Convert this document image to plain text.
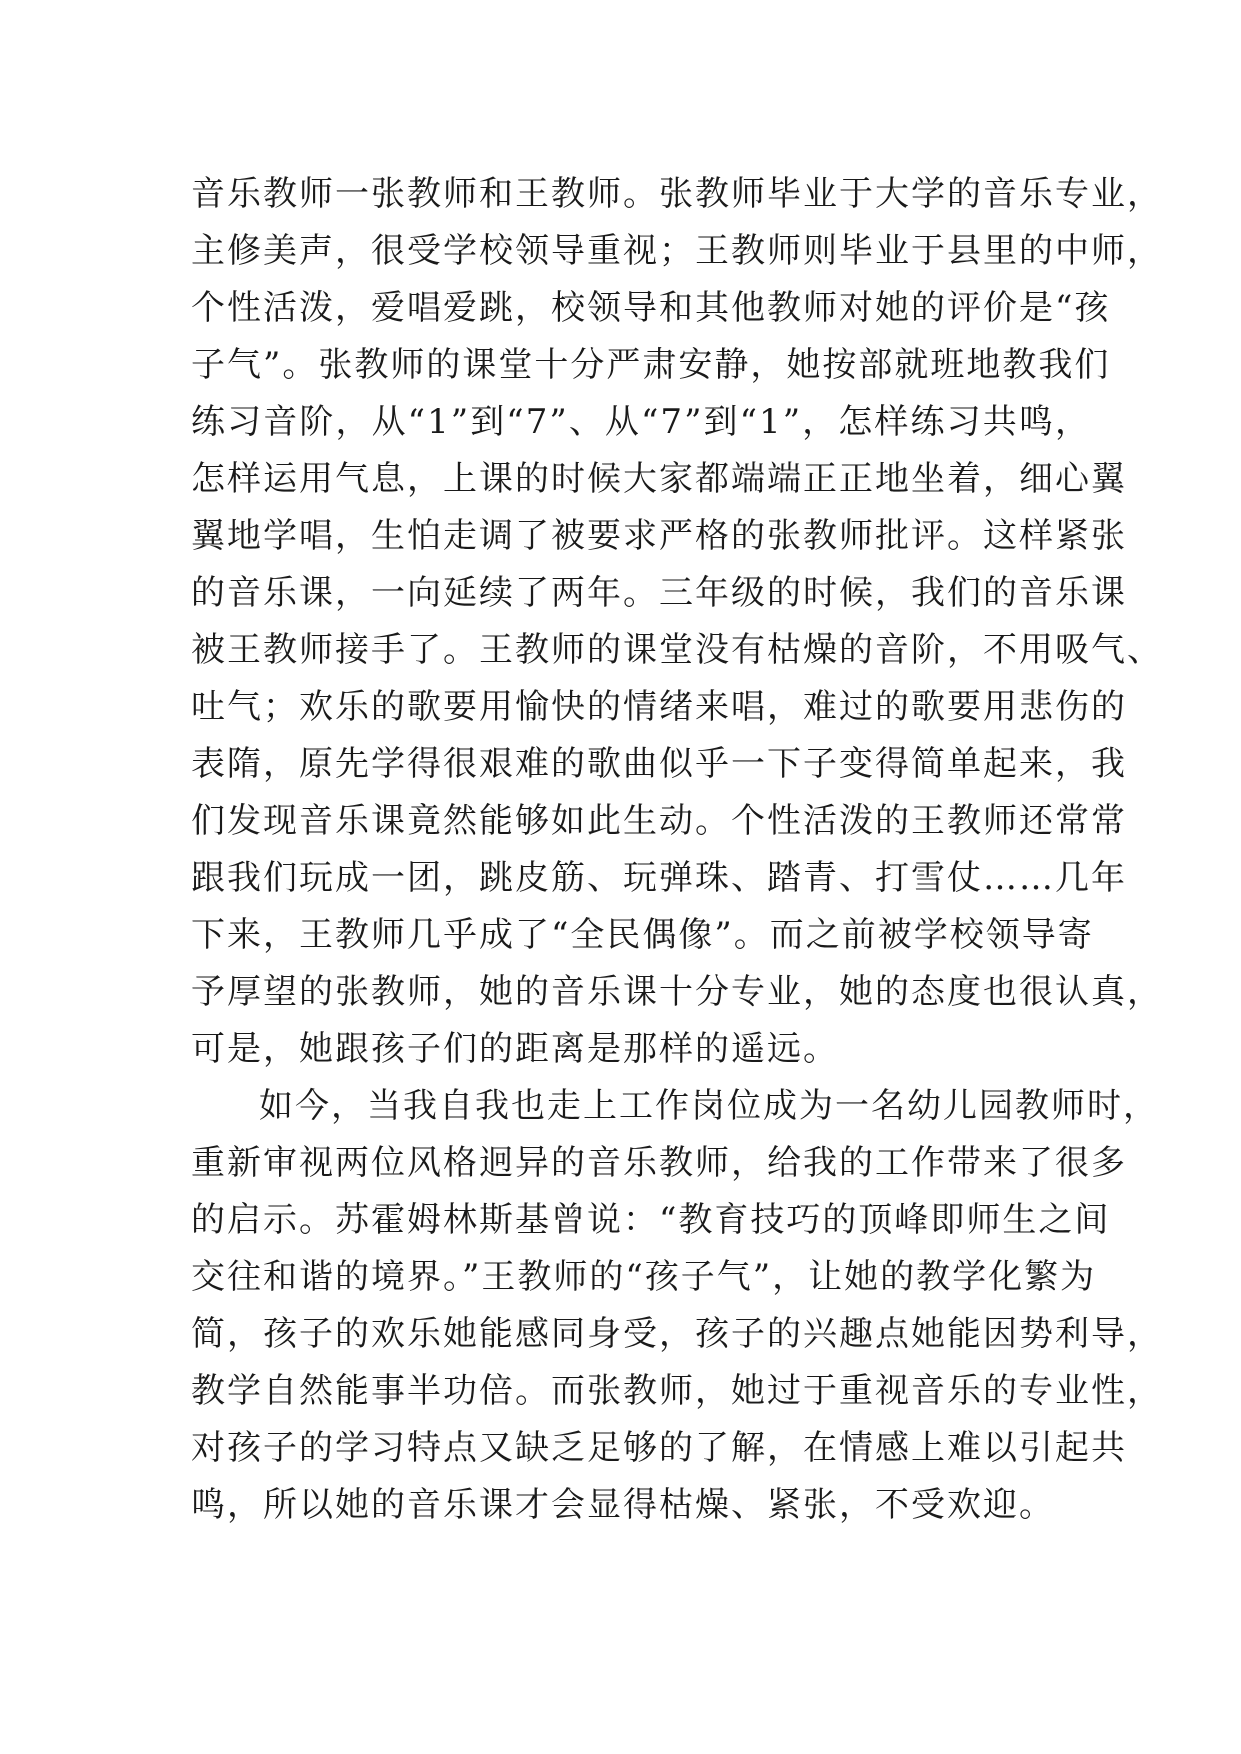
音乐教师一张教师和王教师。张教师毕业于大学的音乐专业，
主修美声，很受学校领导重视；王教师则毕业于县里的中师，
个性活泼，爱唱爱跳，校领导和其他教师对她的评价是“孩
子气”。张教师的课堂十分严肃安静，她按部就班地教我们
练习音阶，从“1”到“7”、从“7”到“1”，怎样练习共鸣，
怎样运用气息，上课的时候大家都端端正正地坐着，细心翼
翼地学唱，生怕走调了被要求严格的张教师批评。这样紧张
的音乐课，一向延续了两年。三年级的时候，我们的音乐课
被王教师接手了。王教师的课堂没有枯燥的音阶，不用吸气、
吐气；欢乐的歌要用愉快的情绪来唱，难过的歌要用悲伤的
表隋，原先学得很艰难的歌曲似乎一下子变得简单起来，我
们发现音乐课竟然能够如此生动。个性活泼的王教师还常常
跟我们玩成一团，跳皮筋、玩弹珠、踏青、打雪仗……几年
下来，王教师几乎成了“全民偶像”。而之前被学校领导寄
予厚望的张教师，她的音乐课十分专业，她的态度也很认真，
可是，她跟孩子们的距离是那样的遥远。
如今，当我自我也走上工作岗位成为一名幼儿园教师时，
重新审视两位风格迥异的音乐教师，给我的工作带来了很多
的启示。苏霍姆林斯基曾说：“教育技巧的顶峰即师生之间
交往和谐的境界。”王教师的“孩子气”，让她的教学化繁为
简，孩子的欢乐她能感同身受，孩子的兴趣点她能因势利导，
教学自然能事半功倍。而张教师，她过于重视音乐的专业性，
对孩子的学习特点又缺乏足够的了解，在情感上难以引起共
鸣，所以她的音乐课才会显得枯燥、紧张，不受欢迎。
